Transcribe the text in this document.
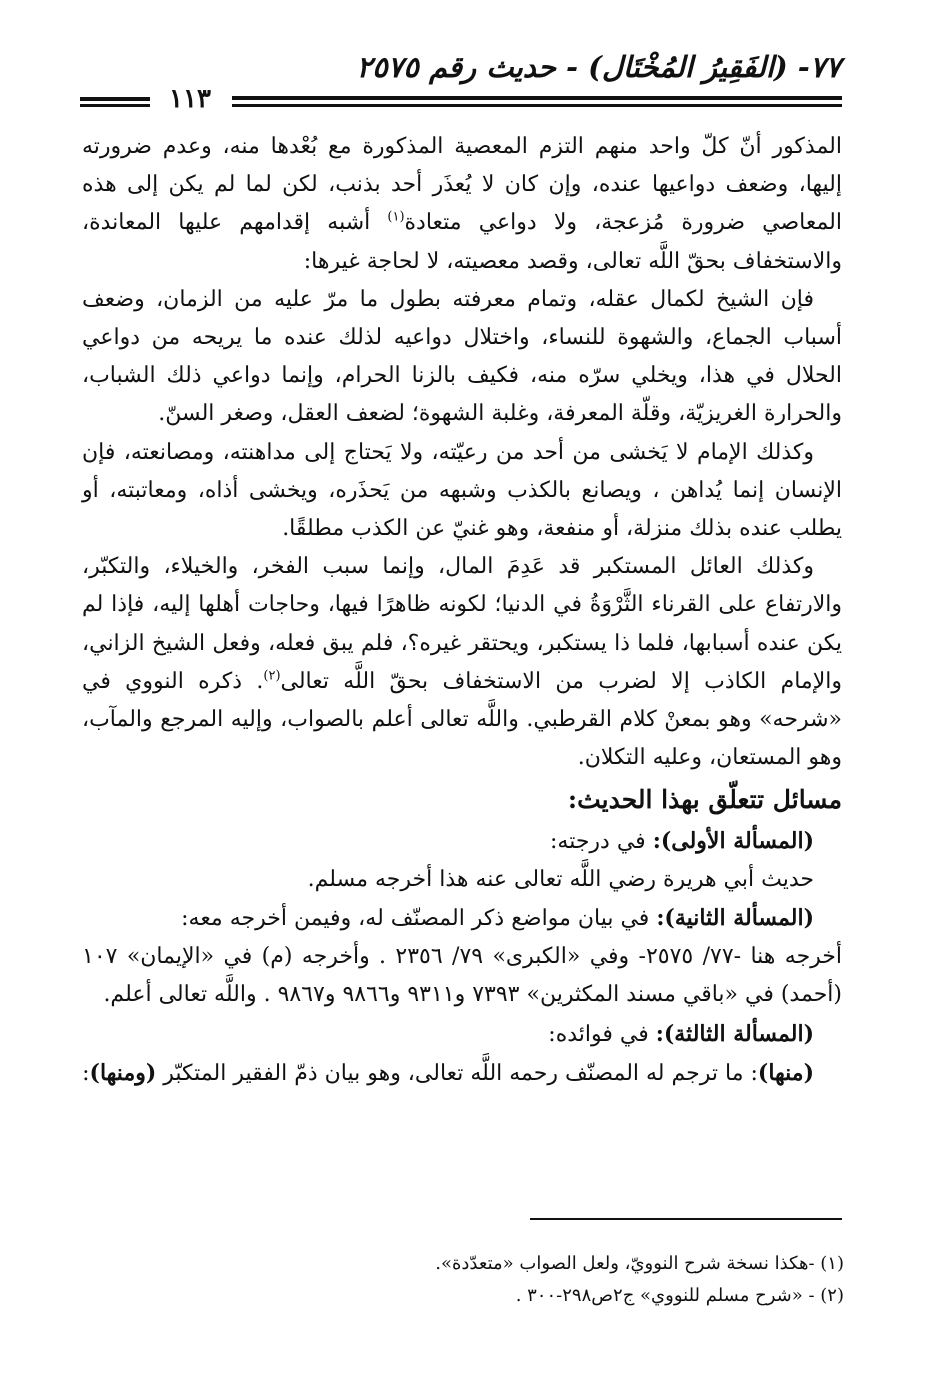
٧٧- (الفَقِيرُ المُخْتَال) - حديث رقم ٢٥٧٥
١١٣

المذكور أنّ كلّ واحد منهم التزم المعصية المذكورة مع بُعْدها منه، وعدم ضرورته إليها، وضعف دواعيها عنده، وإن كان لا يُعذَر أحد بذنب، لكن لما لم يكن إلى هذه المعاصي ضرورة مُزعجة، ولا دواعي متعادة$^{(١)}$ أشبه إقدامهم عليها المعاندة، والاستخفاف بحقّ اللَّه تعالى، وقصد معصيته، لا لحاجة غيرها:

فإن الشيخ لكمال عقله، وتمام معرفته بطول ما مرّ عليه من الزمان، وضعف أسباب الجماع، والشهوة للنساء، واختلال دواعيه لذلك عنده ما يريحه من دواعي الحلال في هذا، ويخلي سرّه منه، فكيف بالزنا الحرام، وإنما دواعي ذلك الشباب، والحرارة الغريزيّة، وقلّة المعرفة، وغلبة الشهوة؛ لضعف العقل، وصغر السنّ.

وكذلك الإمام لا يَخشى من أحد من رعيّته، ولا يَحتاج إلى مداهنته، ومصانعته، فإن الإنسان إنما يُداهن ، ويصانع بالكذب وشبهه من يَحذَره، ويخشى أذاه، ومعاتبته، أو يطلب عنده بذلك منزلة، أو منفعة، وهو غنيّ عن الكذب مطلقًا.

وكذلك العائل المستكبر قد عَدِمَ المال، وإنما سبب الفخر، والخيلاء، والتكبّر، والارتفاع على القرناء الثَّرْوَةُ في الدنيا؛ لكونه ظاهرًا فيها، وحاجات أهلها إليه، فإذا لم يكن عنده أسبابها، فلما ذا يستكبر، ويحتقر غيره؟، فلم يبق فعله، وفعل الشيخ الزاني، والإمام الكاذب إلا لضرب من الاستخفاف بحقّ اللَّه تعالى$^{(٢)}$. ذكره النووي في «شرحه» وهو بمعنْ كلام القرطبي. واللَّه تعالى أعلم بالصواب، وإليه المرجع والمآب، وهو المستعان، وعليه التكلان.

مسائل تتعلّق بهذا الحديث:

(المسألة الأولى): في درجته:

حديث أبي هريرة رضي اللَّه تعالى عنه هذا أخرجه مسلم.

(المسألة الثانية): في بيان مواضع ذكر المصنّف له، وفيمن أخرجه معه:

أخرجه هنا -٧٧/ ٢٥٧٥- وفي «الكبرى» ٧٩/ ٢٣٥٦ . وأخرجه (م) في «الإيمان» ١٠٧ (أحمد) في «باقي مسند المكثرين» ٧٣٩٣ و٩٣١١ و٩٨٦٦ و٩٨٦٧ . واللَّه تعالى أعلم.

(المسألة الثالثة): في فوائده:

(منها): ما ترجم له المصنّف رحمه اللَّه تعالى، وهو بيان ذمّ الفقير المتكبّر (ومنها):

(١) -هكذا نسخة شرح النوويّ، ولعل الصواب «متعدّدة».

(٢) - «شرح مسلم للنووي» ج٢ص٢٩٨-٣٠٠ .
